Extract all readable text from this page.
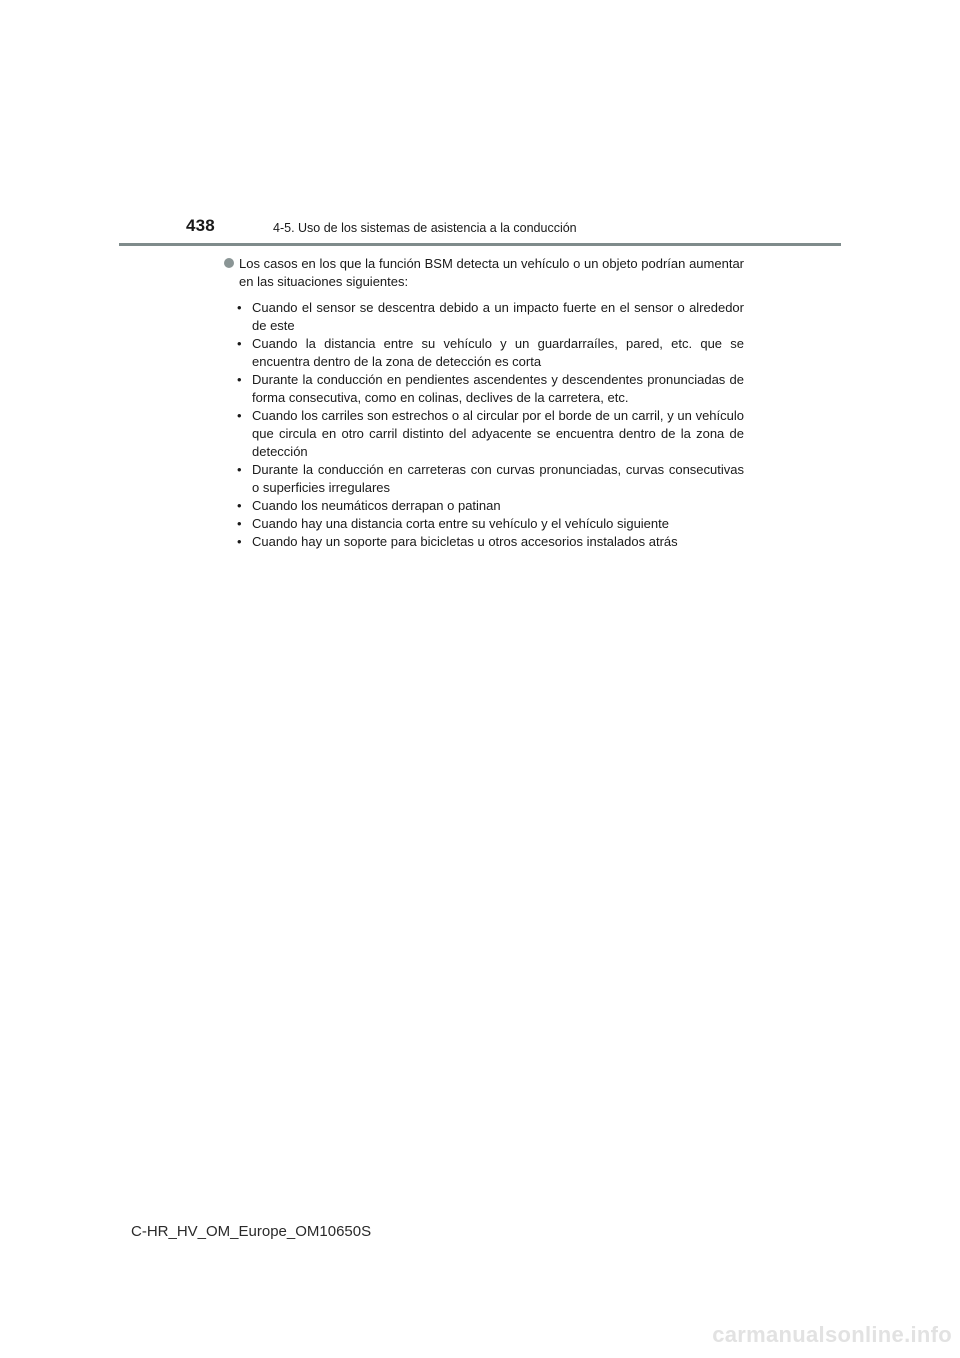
438	4-5. Uso de los sistemas de asistencia a la conducción

Los casos en los que la función BSM detecta un vehículo o un objeto podrían aumentar en las situaciones siguientes:

• Cuando el sensor se descentra debido a un impacto fuerte en el sensor o alrededor de este
• Cuando la distancia entre su vehículo y un guardarraíles, pared, etc. que se encuentra dentro de la zona de detección es corta
• Durante la conducción en pendientes ascendentes y descendentes pronunciadas de forma consecutiva, como en colinas, declives de la carretera, etc.
• Cuando los carriles son estrechos o al circular por el borde de un carril, y un vehículo que circula en otro carril distinto del adyacente se encuentra dentro de la zona de detección
• Durante la conducción en carreteras con curvas pronunciadas, curvas consecutivas o superficies irregulares
• Cuando los neumáticos derrapan o patinan
• Cuando hay una distancia corta entre su vehículo y el vehículo siguiente
• Cuando hay un soporte para bicicletas u otros accesorios instalados atrás
C-HR_HV_OM_Europe_OM10650S
carmanualsonline.info
